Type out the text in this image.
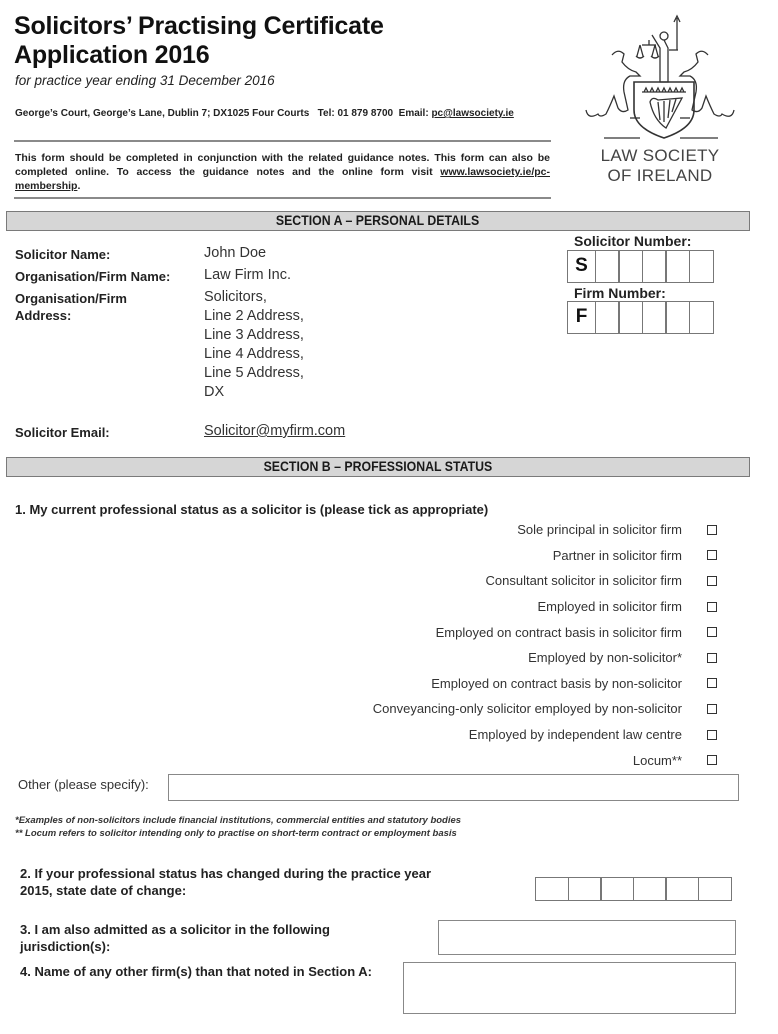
Solicitors’ Practising Certificate
Application 2016
for practice year ending 31 December 2016
George’s Court, George’s Lane, Dublin 7; DX1025 Four Courts Tel: 01 879 8700 Email: pc@lawsociety.ie
This form should be completed in conjunction with the related guidance notes. This form can also be completed online. To access the guidance notes and the online form visit www.lawsociety.ie/pc-membership.
LAW SOCIETY
OF IRELAND
SECTION A – PERSONAL DETAILS
Solicitor Name:	John Doe
Organisation/Firm Name: Law Firm Inc.
Organisation/Firm
Address:
Solicitors,
Line 2 Address,
Line 3 Address,
Line 4 Address,
Line 5 Address,
DX
Solicitor Email:	Solicitor@myfirm.com
Solicitor Number:
S
Firm Number:
F
SECTION B – PROFESSIONAL STATUS
1. My current professional status as a solicitor is (please tick as appropriate)
Sole principal in solicitor firm
Partner in solicitor firm
Consultant solicitor in solicitor firm
Employed in solicitor firm
Employed on contract basis in solicitor firm
Employed by non-solicitor*
Employed on contract basis by non-solicitor
Conveyancing-only solicitor employed by non-solicitor
Employed by independent law centre
Locum**
Other (please specify):
*Examples of non-solicitors include financial institutions, commercial entities and statutory bodies
** Locum refers to solicitor intending only to practise on short-term contract or employment basis
2. If your professional status has changed during the practice year 2015, state date of change:
3. I am also admitted as a solicitor in the following jurisdiction(s):
4. Name of any other firm(s) than that noted in Section A:
